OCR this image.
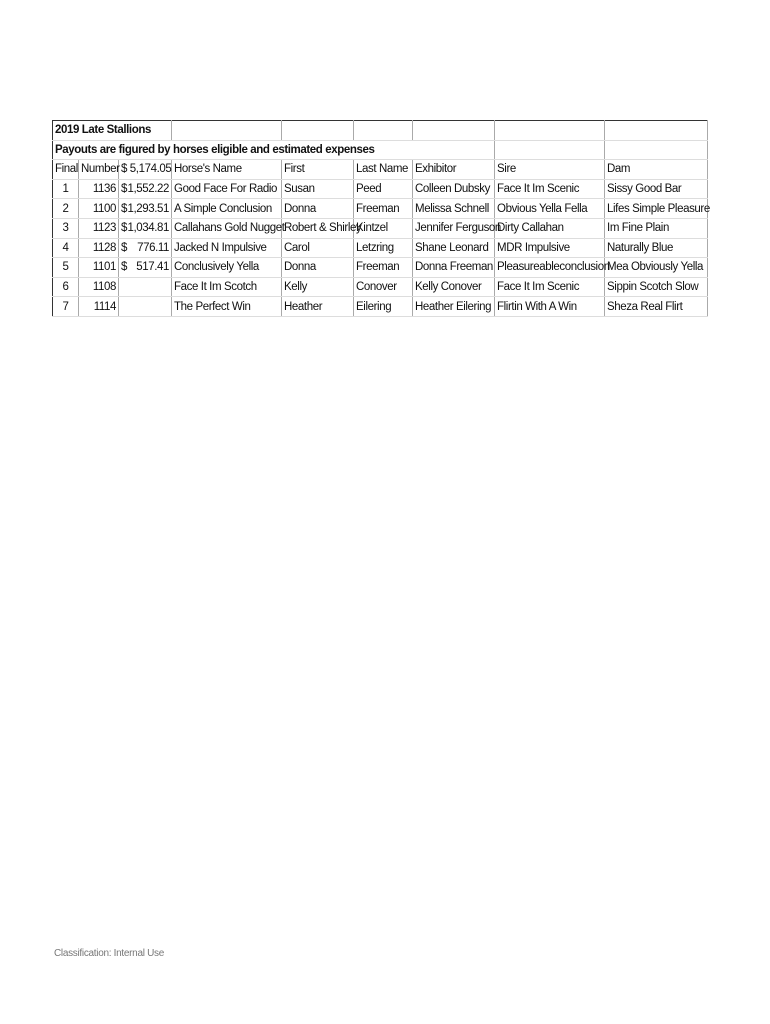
2019 Late Stallions								
Payouts are figured by horses eligible and estimated expenses								
Final	Number	$ 5,174.05	Horse's Name	First	Last Name	Exhibitor	Sire	Dam
1	1136	$ 1,552.22	Good Face For Radio	Susan	Peed	Colleen Dubsky	Face It Im Scenic	Sissy Good Bar
2	1100	$ 1,293.51	A Simple Conclusion	Donna	Freeman	Melissa Schnell	Obvious Yella Fella	Lifes Simple Pleasure
3	1123	$ 1,034.81	Callahans Gold Nugget	Robert & Shirley	Kintzel	Jennifer Ferguson	Dirty Callahan	Im Fine Plain
4	1128	$ 776.11	Jacked N Impulsive	Carol	Letzring	Shane Leonard	MDR Impulsive	Naturally Blue
5	1101	$ 517.41	Conclusively Yella	Donna	Freeman	Donna Freeman	Pleasureableconclusion	Mea Obviously Yella
6	1108		Face It Im Scotch	Kelly	Conover	Kelly Conover	Face It Im Scenic	Sippin Scotch Slow
7	1114		The Perfect Win	Heather	Eilering	Heather Eilering	Flirtin With A Win	Sheza Real Flirt
Classification: Internal Use
